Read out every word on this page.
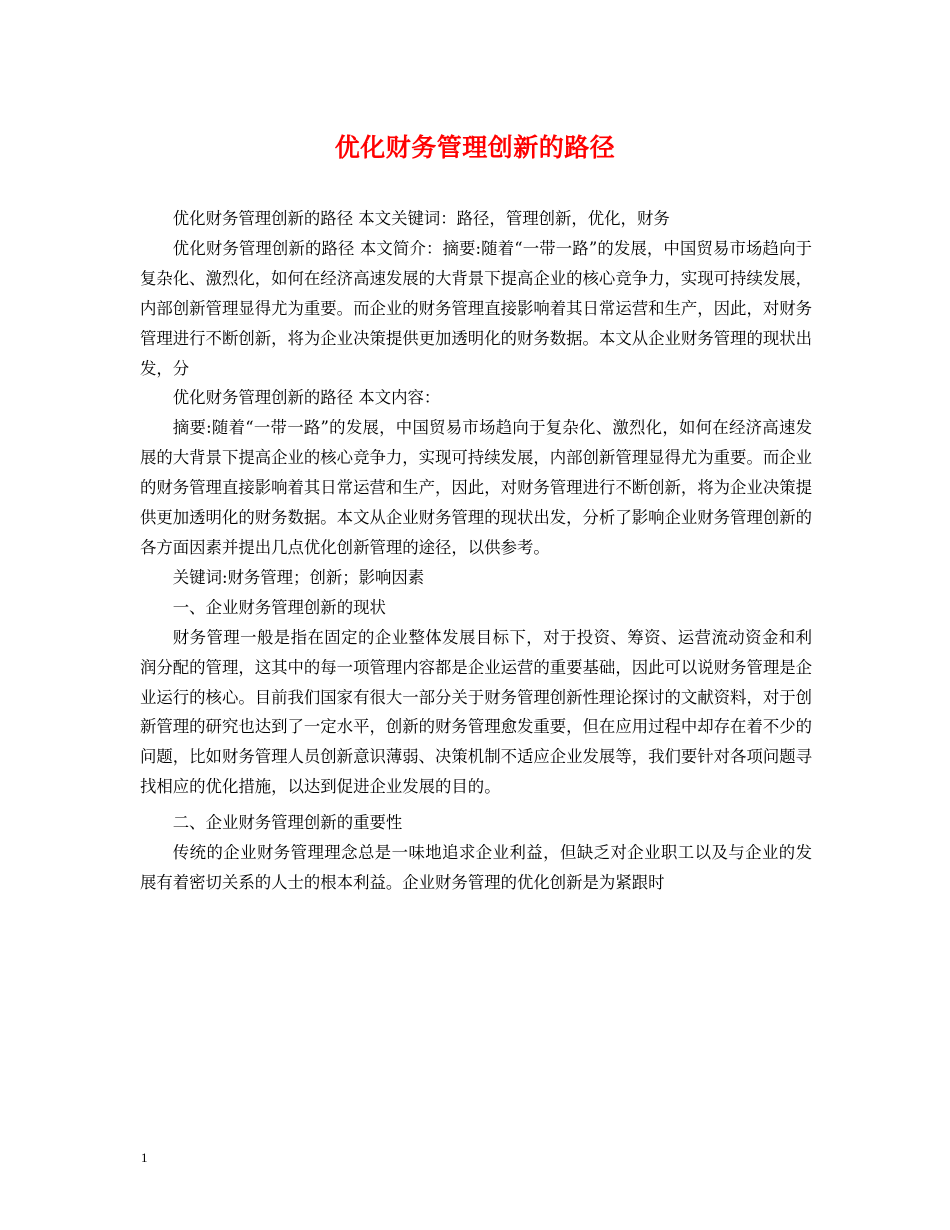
优化财务管理创新的路径

优化财务管理创新的路径 本文关键词：路径，管理创新，优化，财务

优化财务管理创新的路径 本文简介：摘要:随着“一带一路”的发展，中国贸易市场趋向于复杂化、激烈化，如何在经济高速发展的大背景下提高企业的核心竞争力，实现可持续发展，内部创新管理显得尤为重要。而企业的财务管理直接影响着其日常运营和生产，因此，对财务管理进行不断创新，将为企业决策提供更加透明化的财务数据。本文从企业财务管理的现状出发，分

优化财务管理创新的路径 本文内容：

摘要:随着“一带一路”的发展，中国贸易市场趋向于复杂化、激烈化，如何在经济高速发展的大背景下提高企业的核心竞争力，实现可持续发展，内部创新管理显得尤为重要。而企业的财务管理直接影响着其日常运营和生产，因此，对财务管理进行不断创新，将为企业决策提供更加透明化的财务数据。本文从企业财务管理的现状出发，分析了影响企业财务管理创新的各方面因素并提出几点优化创新管理的途径，以供参考。

关键词:财务管理；创新；影响因素

一、企业财务管理创新的现状

财务管理一般是指在固定的企业整体发展目标下，对于投资、筹资、运营流动资金和利润分配的管理，这其中的每一项管理内容都是企业运营的重要基础，因此可以说财务管理是企业运行的核心。目前我们国家有很大一部分关于财务管理创新性理论探讨的文献资料，对于创新管理的研究也达到了一定水平，创新的财务管理愈发重要，但在应用过程中却存在着不少的问题，比如财务管理人员创新意识薄弱、决策机制不适应企业发展等，我们要针对各项问题寻找相应的优化措施，以达到促进企业发展的目的。

二、企业财务管理创新的重要性

传统的企业财务管理理念总是一味地追求企业利益，但缺乏对企业职工以及与企业的发展有着密切关系的人士的根本利益。企业财务管理的优化创新是为紧跟时

1
